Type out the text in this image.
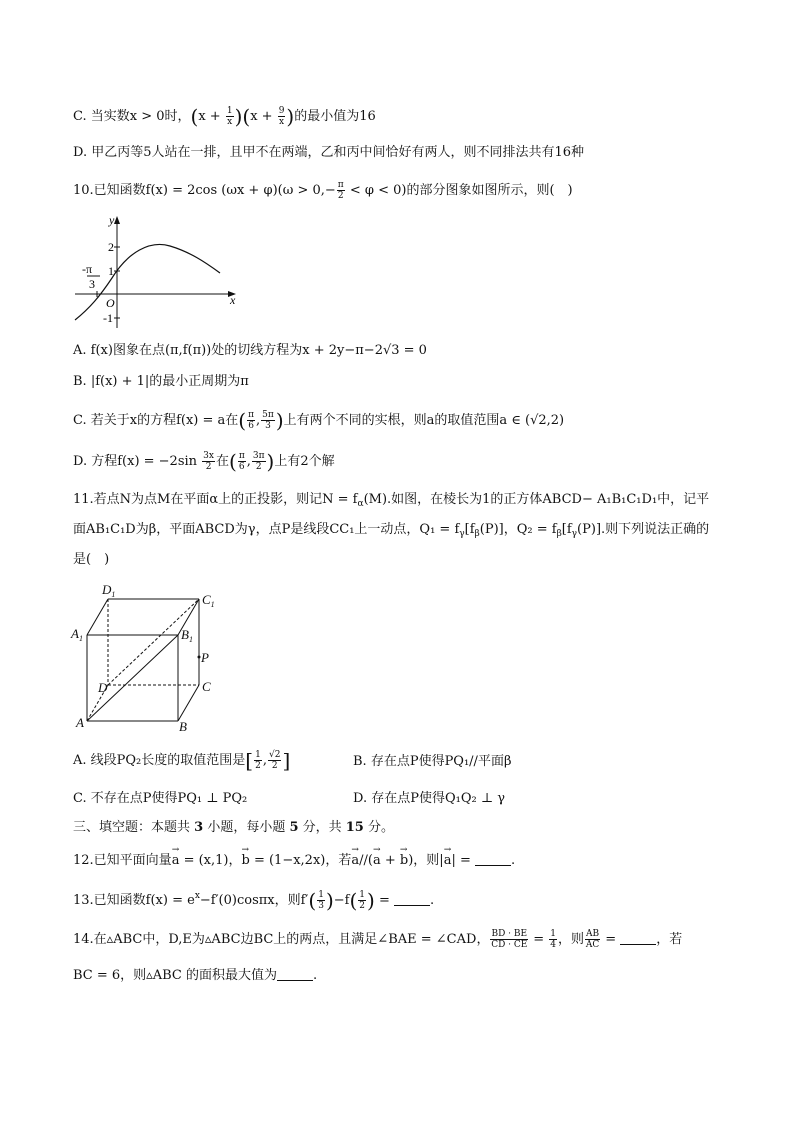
C. 当实数x > 0时，$(x + \frac{1}{x} )(x + \frac{9}{x}$ )的最小值为16
D. 甲乙丙等5人站在一排，且甲不在两端，乙和丙中间恰好有两人，则不同排法共有16种
10.已知函数f(x) = 2cos $(\omega x + \varphi)(\omega > 0,- \frac{\pi}{2} < \varphi < 0)$的部分图象如图所示，则(　)
y
x
O
2
1
-1
-π
3
A. f(x)图象在点(π,f(π))处的切线方程为x + 2y−π−2√3 = 0
B. |f(x) + 1|的最小正周期为π
C. 若关于x的方程f(x) = a在( $\frac{\pi}{6}$ , $\frac{5\pi}{3}$ )上有两个不同的实根，则a的取值范围a ∈ (√2,2)
D. 方程$f(x) = -2\sin \frac{3x}{2}$ 在( $\frac{\pi}{6}$ , $\frac{3\pi}{2}$ )上有2个解
11.若点N为点M在平面α上的正投影，则记$N = f_\alpha(M)$.如图，在棱长为1的正方体ABCD− A₁B₁C₁D₁中，记平
面AB₁C₁D为β，平面ABCD为γ，点P是线段CC₁上一动点，$Q_1 = f_\gamma[f_\beta(P)]$，$Q_2 = f_\beta[f_\gamma(P)]$.则下列说法正确的
是(　)
$D_1$	$C_1$
$A_1$	$B_1$
P
D	C
A	B
A. 线段PQ₂长度的取值范围是[ $\frac{1}{2}$ , $\frac{√2}{2}$ ]	B. 存在点P使得PQ₁//平面β
C. 不存在点P使得PQ₁ ⊥ PQ₂	D. 存在点P使得Q₁Q₂ ⊥ γ
三、填空题：本题共 3 小题，每小题 5 分，共 15 分。
12.已知平面向量→ a = (x,1)，→ b = (1−x,2x)，若→ a//(→ a + → b)，则|→ a| =	.
13.已知函数$f(x) = e^x-f'(0)\cos\pi x$，则$f'( \frac{1}{3} )-f( \frac{1}{2}$ ) =	.
14.在▵ABC中，D,E为▵ABC边BC上的两点，且满足∠BAE = ∠CAD， $\frac{BD \cdot BE}{CD \cdot CE} = \frac{1}{4}$ ，则 $\frac{AB}{AC}$ =	，若
BC = 6，则▵ABC 的面积最大值为	.
